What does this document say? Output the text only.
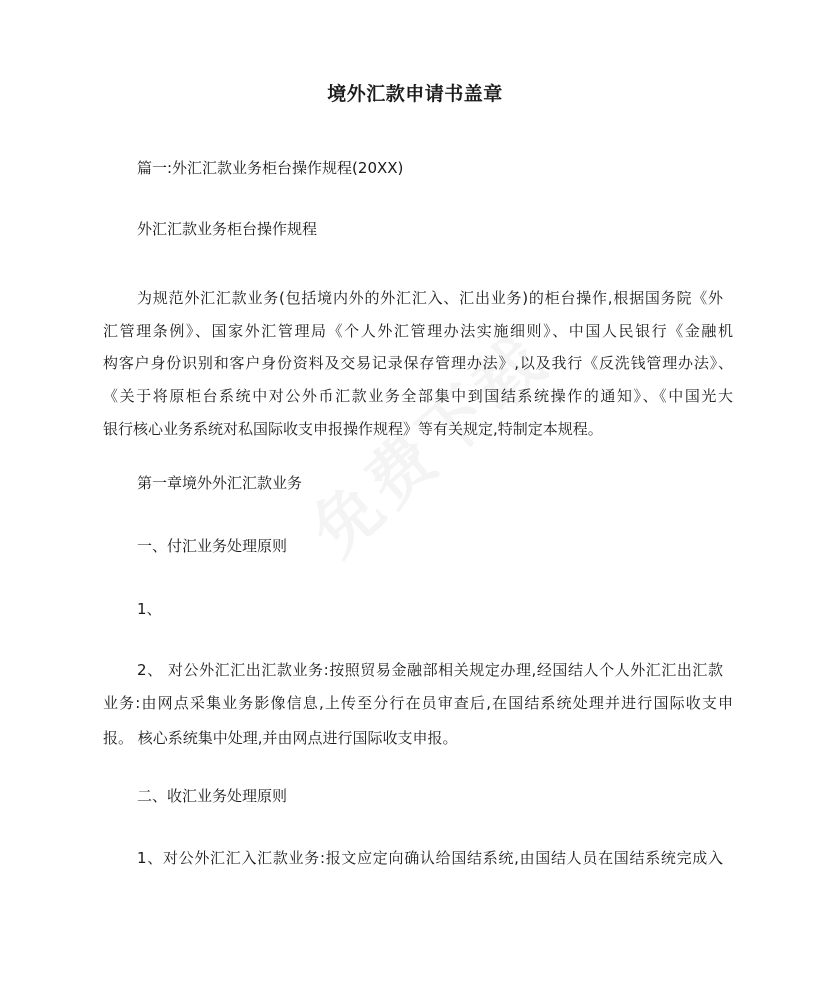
境外汇款申请书盖章
篇一:外汇汇款业务柜台操作规程(20XX)
外汇汇款业务柜台操作规程
为规范外汇汇款业务(包括境内外的外汇汇入、汇出业务)的柜台操作,根据国务院《外
汇管理条例》、国家外汇管理局《个人外汇管理办法实施细则》、中国人民银行《金融机
构客户身份识别和客户身份资料及交易记录保存管理办法》,以及我行《反洗钱管理办法》、
《关于将原柜台系统中对公外币汇款业务全部集中到国结系统操作的通知》、《中国光大
银行核心业务系统对私国际收支申报操作规程》等有关规定,特制定本规程。
第一章境外外汇汇款业务
一、付汇业务处理原则
1、
2、 对公外汇汇出汇款业务:按照贸易金融部相关规定办理,经国结人个人外汇汇出汇款
业务:由网点采集业务影像信息,上传至分行在员审查后,在国结系统处理并进行国际收支申
报。 核心系统集中处理,并由网点进行国际收支申报。
二、收汇业务处理原则
1、对公外汇汇入汇款业务:报文应定向确认给国结系统,由国结人员在国结系统完成入
